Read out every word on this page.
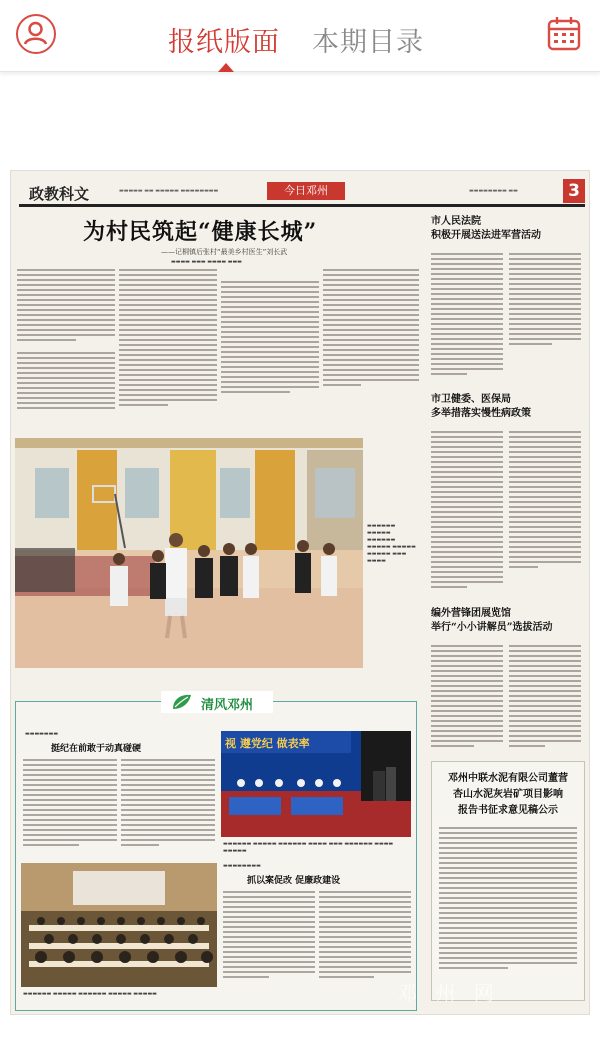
报纸版面 本期目录
政教科文	▬▬▬▬▬ ▬▬ ▬▬▬▬▬ ▬▬▬▬▬▬▬▬	今日邓州	▬▬▬▬▬▬▬▬ ▬▬	3
为村民筑起“健康长城”
——记桐镇后张村“最美乡村医生”刘长武
▬▬▬▬ ▬▬▬ ▬▬▬▬ ▬▬▬
市人民法院
积极开展送法进军营活动
市卫健委、医保局
多举措落实慢性病政策
编外营锋团展览馆
举行“小小讲解员”选拔活动
▬▬▬▬▬▬ ▬▬▬▬▬ ▬▬▬▬▬▬ ▬▬▬▬▬ ▬▬▬▬▬ ▬▬▬▬▬ ▬▬▬ ▬▬▬▬
清风邓州
▬▬▬▬▬▬▬
挺纪在前敢于动真碰硬	视 遵党纪 做表率
▬▬▬▬▬▬ ▬▬▬▬▬ ▬▬▬▬▬▬ ▬▬▬▬ ▬▬▬ ▬▬▬▬▬▬ ▬▬▬▬ ▬▬▬▬▬
▬▬▬▬▬▬▬▬
抓以案促改 促廉政建设
▬▬▬▬▬▬ ▬▬▬▬▬ ▬▬▬▬▬▬ ▬▬▬▬▬ ▬▬▬▬▬
邓州中联水泥有限公司董营
杏山水泥灰岩矿项目影响
报告书征求意见稿公示
邓 州 网
